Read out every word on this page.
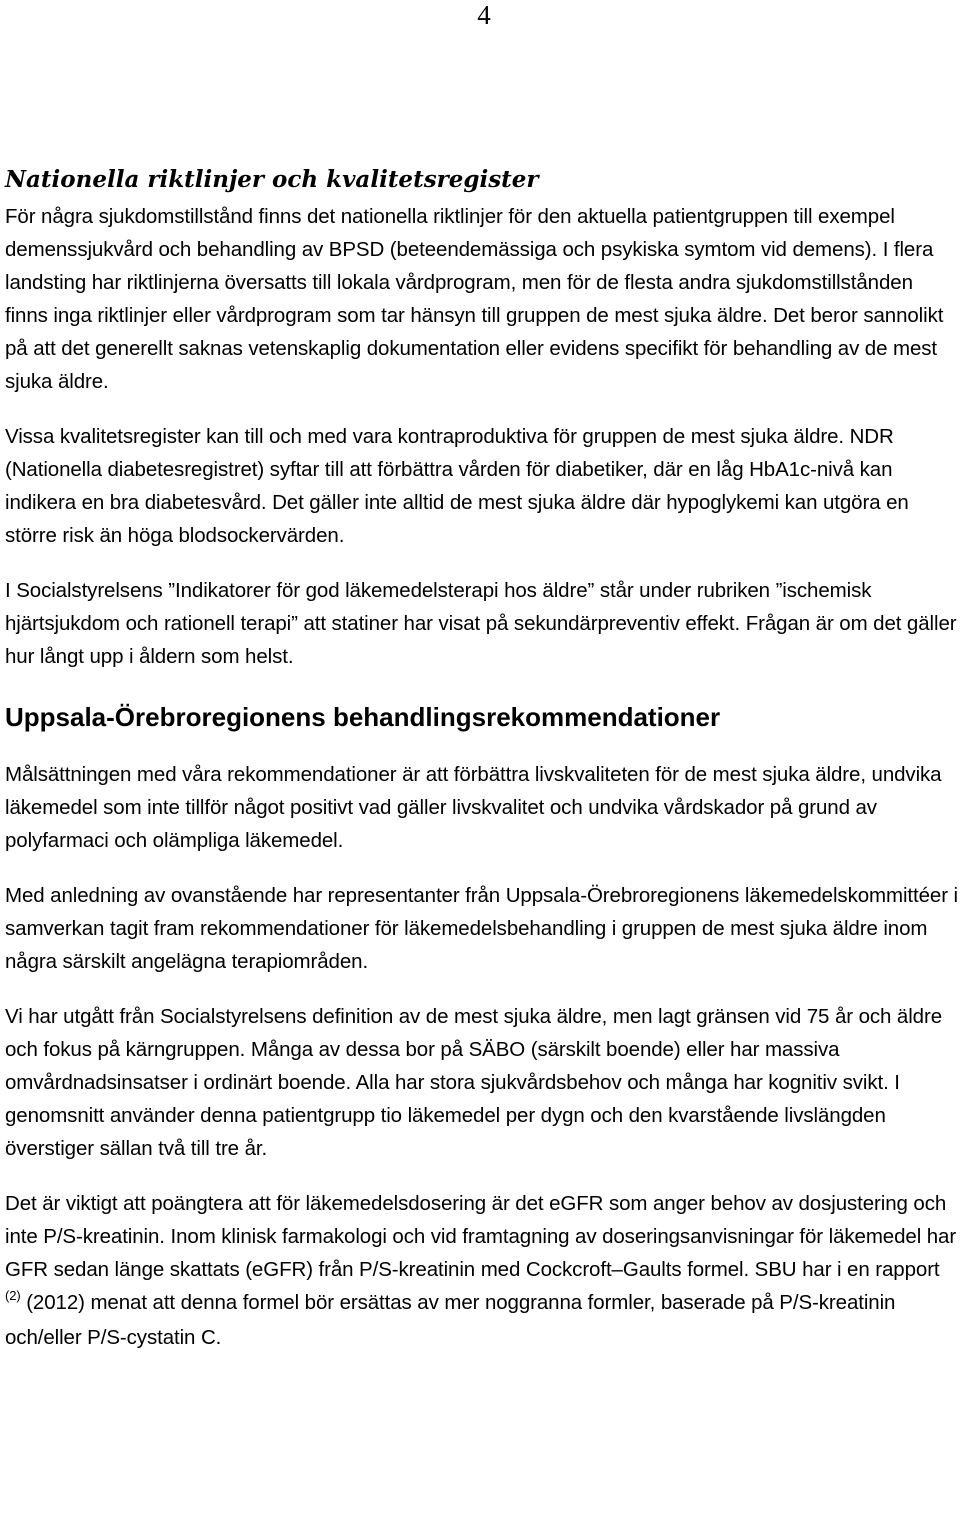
4
Nationella riktlinjer och kvalitetsregister

För några sjukdomstillstånd finns det nationella riktlinjer för den aktuella patientgruppen till exempel demenssjukvård och behandling av BPSD (beteendemässiga och psykiska symtom vid demens). I flera landsting har riktlinjerna översatts till lokala vårdprogram, men för de flesta andra sjukdomstillstånden finns inga riktlinjer eller vårdprogram som tar hänsyn till gruppen de mest sjuka äldre. Det beror sannolikt på att det generellt saknas vetenskaplig dokumentation eller evidens specifikt för behandling av de mest sjuka äldre.

Vissa kvalitetsregister kan till och med vara kontraproduktiva för gruppen de mest sjuka äldre. NDR (Nationella diabetesregistret) syftar till att förbättra vården för diabetiker, där en låg HbA1c-nivå kan indikera en bra diabetesvård. Det gäller inte alltid de mest sjuka äldre där hypoglykemi kan utgöra en större risk än höga blodsockervärden.

I Socialstyrelsens ”Indikatorer för god läkemedelsterapi hos äldre” står under rubriken ”ischemisk hjärtsjukdom och rationell terapi” att statiner har visat på sekundärpreventiv effekt. Frågan är om det gäller hur långt upp i åldern som helst.

Uppsala-Örebroregionens behandlingsrekommendationer

Målsättningen med våra rekommendationer är att förbättra livskvaliteten för de mest sjuka äldre, undvika läkemedel som inte tillför något positivt vad gäller livskvalitet och undvika vårdskador på grund av polyfarmaci och olämpliga läkemedel.

Med anledning av ovanstående har representanter från Uppsala-Örebroregionens läkemedelskommittéer i samverkan tagit fram rekommendationer för läkemedelsbehandling i gruppen de mest sjuka äldre inom några särskilt angelägna terapiområden.

Vi har utgått från Socialstyrelsens definition av de mest sjuka äldre, men lagt gränsen vid 75 år och äldre och fokus på kärngruppen. Många av dessa bor på SÄBO (särskilt boende) eller har massiva omvårdnadsinsatser i ordinärt boende. Alla har stora sjukvårdsbehov och många har kognitiv svikt. I genomsnitt använder denna patientgrupp tio läkemedel per dygn och den kvarstående livslängden överstiger sällan två till tre år.

Det är viktigt att poängtera att för läkemedelsdosering är det eGFR som anger behov av dosjustering och inte P/S-kreatinin. Inom klinisk farmakologi och vid framtagning av doseringsanvisningar för läkemedel har GFR sedan länge skattats (eGFR) från P/S-kreatinin med Cockcroft–Gaults formel. SBU har i en rapport $^{(2)}$ (2012) menat att denna formel bör ersättas av mer noggranna formler, baserade på P/S-kreatinin och/eller P/S-cystatin C.
